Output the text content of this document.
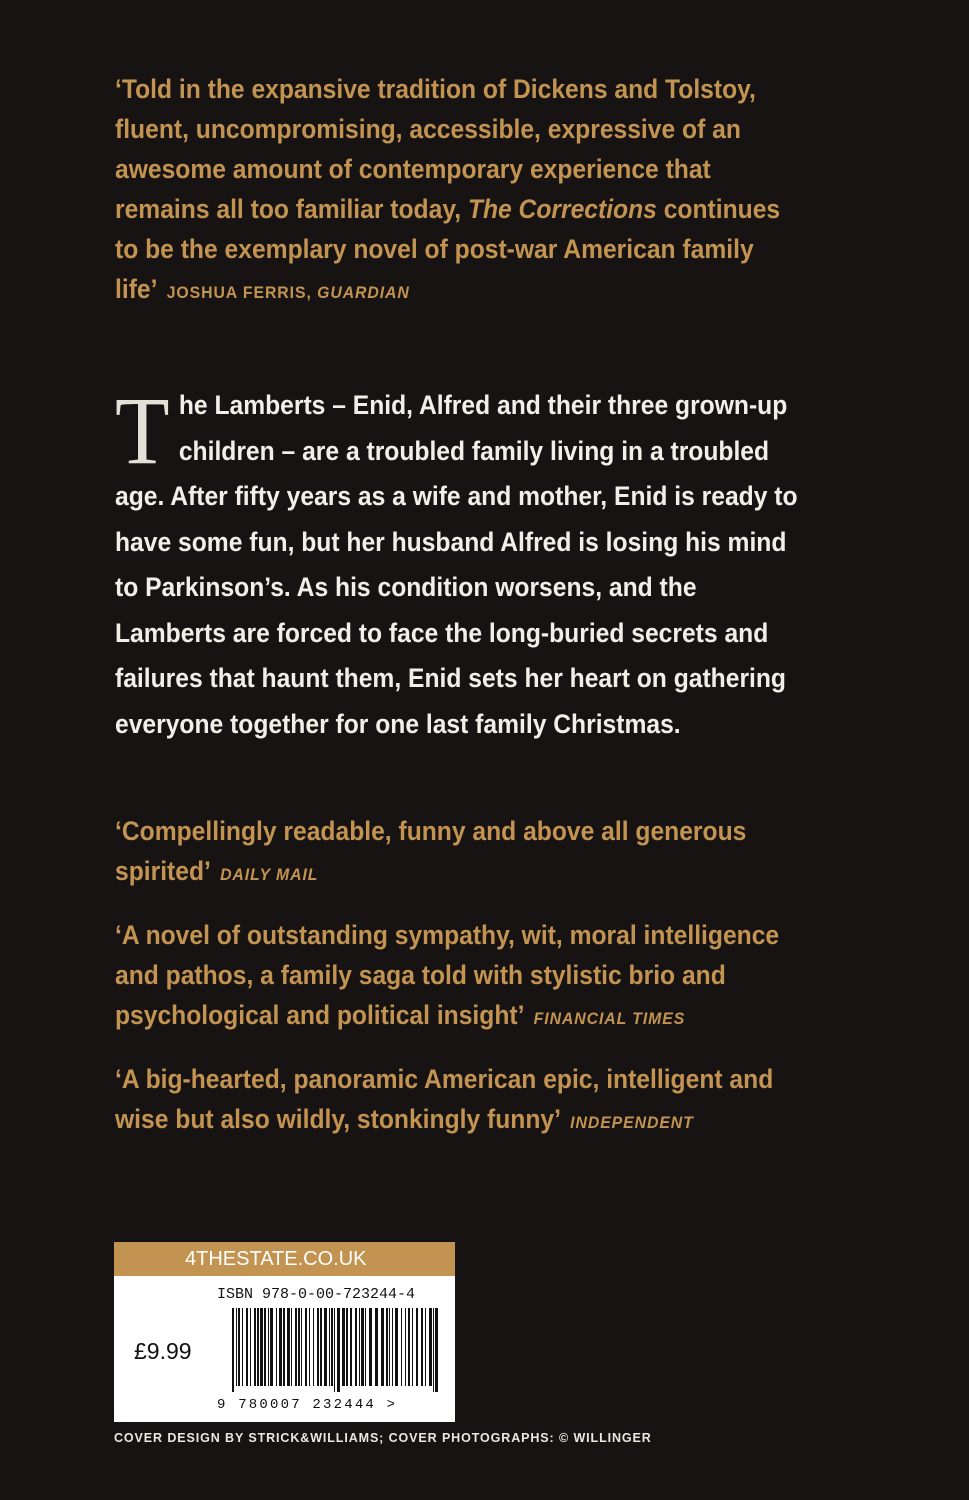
‘Told in the expansive tradition of Dickens and Tolstoy, fluent, uncompromising, accessible, expressive of an awesome amount of contemporary experience that remains all too familiar today, The Corrections continues to be the exemplary novel of post-war American family life’ JOSHUA FERRIS, GUARDIAN

The Lamberts – Enid, Alfred and their three grown-up children – are a troubled family living in a troubled age. After fifty years as a wife and mother, Enid is ready to have some fun, but her husband Alfred is losing his mind to Parkinson’s. As his condition worsens, and the Lamberts are forced to face the long-buried secrets and failures that haunt them, Enid sets her heart on gathering everyone together for one last family Christmas.

‘Compellingly readable, funny and above all generous spirited’ DAILY MAIL

‘A novel of outstanding sympathy, wit, moral intelligence and pathos, a family saga told with stylistic brio and psychological and political insight’ FINANCIAL TIMES

‘A big-hearted, panoramic American epic, intelligent and wise but also wildly, stonkingly funny’ INDEPENDENT

4THESTATE.CO.UK
ISBN 978-0-00-723244-4
£9.99
9 780007 232444 >
COVER DESIGN BY STRICK&WILLIAMS; COVER PHOTOGRAPHS: © WILLINGER
